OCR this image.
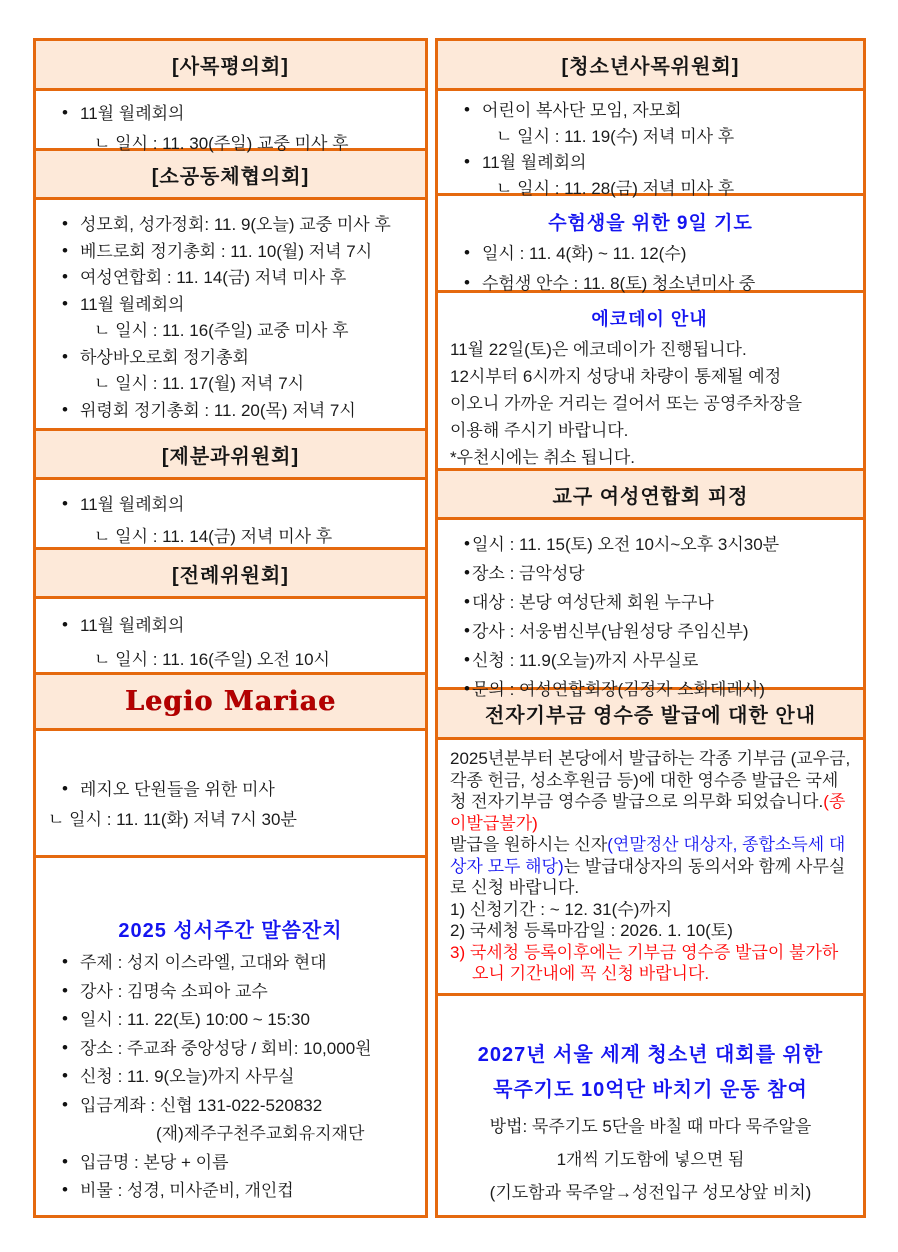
[사목평의회]
• 11월 월례회의
ㄴ 일시 : 11. 30(주일) 교중 미사 후
[소공동체협의회]
• 성모회, 성가정회: 11. 9(오늘) 교중 미사 후
• 베드로회 정기총회 : 11. 10(월) 저녁 7시
• 여성연합회 : 11. 14(금) 저녁 미사 후
• 11월 월례회의
ㄴ 일시 : 11. 16(주일) 교중 미사 후
• 하상바오로회 정기총회
ㄴ 일시 : 11. 17(월) 저녁 7시
• 위령회 정기총회 : 11. 20(목) 저녁 7시
[제분과위원회]
• 11월 월례회의
ㄴ 일시 : 11. 14(금) 저녁 미사 후
[전례위원회]
• 11월 월례회의
ㄴ 일시 : 11. 16(주일) 오전 10시
Legio Mariae
• 레지오 단원들을 위한 미사
ㄴ 일시 : 11. 11(화) 저녁 7시 30분
2025 성서주간 말씀잔치
• 주제 : 성지 이스라엘, 고대와 현대
• 강사 : 김명숙 소피아 교수
• 일시 : 11. 22(토) 10:00 ~ 15:30
• 장소 : 주교좌 중앙성당 / 회비: 10,000원
• 신청 : 11. 9(오늘)까지 사무실
• 입금계좌 : 신협 131-022-520832
(재)제주구천주교회유지재단
• 입금명 : 본당 + 이름
• 비물 : 성경, 미사준비, 개인컵
[청소년사목위원회]
• 어린이 복사단 모임, 자모회
ㄴ 일시 : 11. 19(수) 저녁 미사 후
• 11월 월례회의
ㄴ 일시 : 11. 28(금) 저녁 미사 후
수험생을 위한 9일 기도
• 일시 : 11. 4(화) ~ 11. 12(수)
• 수험생 안수 : 11. 8(토) 청소년미사 중
에코데이 안내
11월 22일(토)은 에코데이가 진행됩니다.
12시부터 6시까지 성당내 차량이 통제될 예정
이오니 가까운 거리는 걸어서 또는 공영주차장을
이용해 주시기 바랍니다.
*우천시에는 취소 됩니다.
교구 여성연합회 피정
• 일시 : 11. 15(토) 오전 10시~오후 3시30분
• 장소 : 금악성당
• 대상 : 본당 여성단체 회원 누구나
• 강사 : 서웅범신부(남원성당 주임신부)
• 신청 : 11.9(오늘)까지 사무실로
• 문의 : 여성연합회장(김정자 소화데레사)
전자기부금 영수증 발급에 대한 안내
2025년분부터 본당에서 발급하는 각종 기부금 (교우금, 각종 헌금, 성소후원금 등)에 대한 영수증 발급은 국세청 전자기부금 영수증 발급으로 의무화 되었습니다.(종이발급불가)
발급을 원하시는 신자(연말정산 대상자, 종합소득세 대상자 모두 해당)는 발급대상자의 동의서와 함께 사무실로 신청 바랍니다.
1) 신청기간 : ~ 12. 31(수)까지
2) 국세청 등록마감일 : 2026. 1. 10(토)
3) 국세청 등록이후에는 기부금 영수증 발급이 불가하오니 기간내에 꼭 신청 바랍니다.
2027년 서울 세계 청소년 대회를 위한
묵주기도 10억단 바치기 운동 참여
방법: 묵주기도 5단을 바칠 때 마다 묵주알을
1개씩 기도함에 넣으면 됨
(기도함과 묵주알→성전입구 성모상앞 비치)
